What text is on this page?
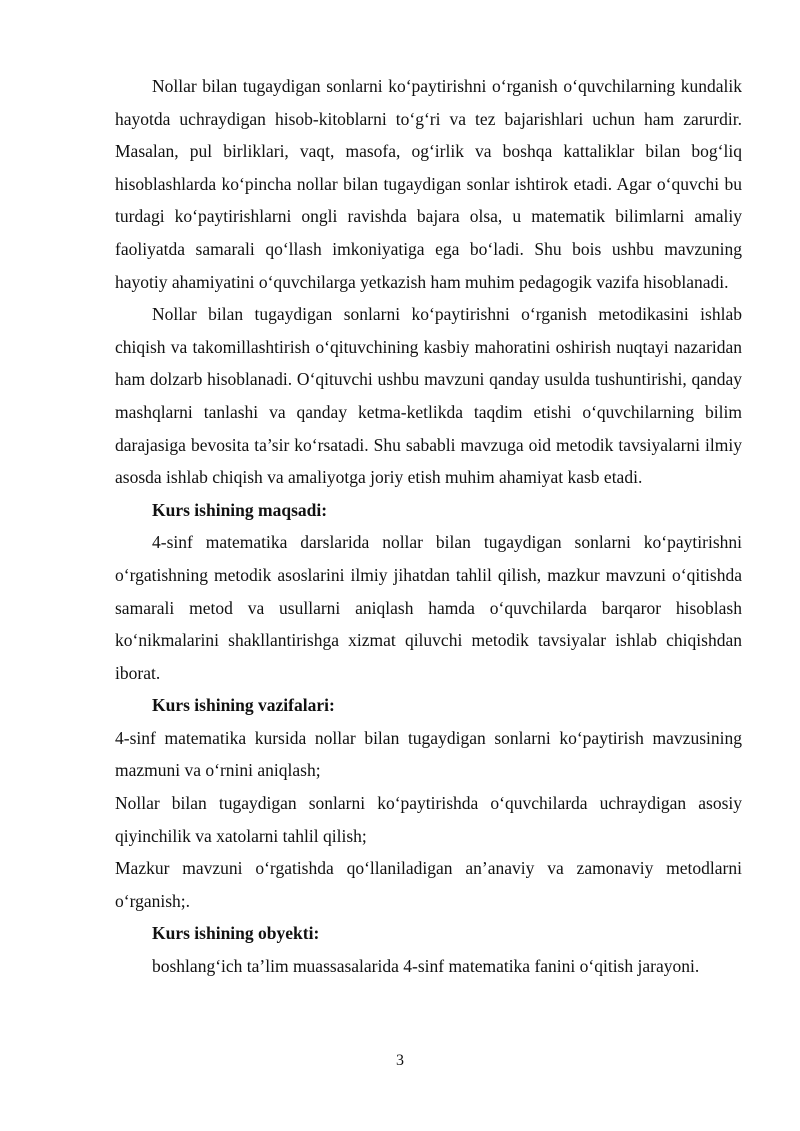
Nollar bilan tugaydigan sonlarni ko‘paytirishni o‘rganish o‘quvchilarning kundalik hayotda uchraydigan hisob-kitoblarni to‘g‘ri va tez bajarishlari uchun ham zarurdir. Masalan, pul birliklari, vaqt, masofa, og‘irlik va boshqa kattaliklar bilan bog‘liq hisoblashlarda ko‘pincha nollar bilan tugaydigan sonlar ishtirok etadi. Agar o‘quvchi bu turdagi ko‘paytirishlarni ongli ravishda bajara olsa, u matematik bilimlarni amaliy faoliyatda samarali qo‘llash imkoniyatiga ega bo‘ladi. Shu bois ushbu mavzuning hayotiy ahamiyatini o‘quvchilarga yetkazish ham muhim pedagogik vazifa hisoblanadi.

Nollar bilan tugaydigan sonlarni ko‘paytirishni o‘rganish metodikasini ishlab chiqish va takomillashtirish o‘qituvchining kasbiy mahoratini oshirish nuqtayi nazaridan ham dolzarb hisoblanadi. O‘qituvchi ushbu mavzuni qanday usulda tushuntirishi, qanday mashqlarni tanlashi va qanday ketma-ketlikda taqdim etishi o‘quvchilarning bilim darajasiga bevosita ta’sir ko‘rsatadi. Shu sababli mavzuga oid metodik tavsiyalarni ilmiy asosda ishlab chiqish va amaliyotga joriy etish muhim ahamiyat kasb etadi.

Kurs ishining maqsadi:

4-sinf matematika darslarida nollar bilan tugaydigan sonlarni ko‘paytirishni o‘rgatishning metodik asoslarini ilmiy jihatdan tahlil qilish, mazkur mavzuni o‘qitishda samarali metod va usullarni aniqlash hamda o‘quvchilarda barqaror hisoblash ko‘nikmalarini shakllantirishga xizmat qiluvchi metodik tavsiyalar ishlab chiqishdan iborat.

Kurs ishining vazifalari:

4-sinf matematika kursida nollar bilan tugaydigan sonlarni ko‘paytirish mavzusining mazmuni va o‘rnini aniqlash;

Nollar bilan tugaydigan sonlarni ko‘paytirishda o‘quvchilarda uchraydigan asosiy qiyinchilik va xatolarni tahlil qilish;

Mazkur mavzuni o‘rgatishda qo‘llaniladigan an’anaviy va zamonaviy metodlarni o‘rganish;.

Kurs ishining obyekti:

boshlang‘ich ta’lim muassasalarida 4-sinf matematika fanini o‘qitish jarayoni.

3
